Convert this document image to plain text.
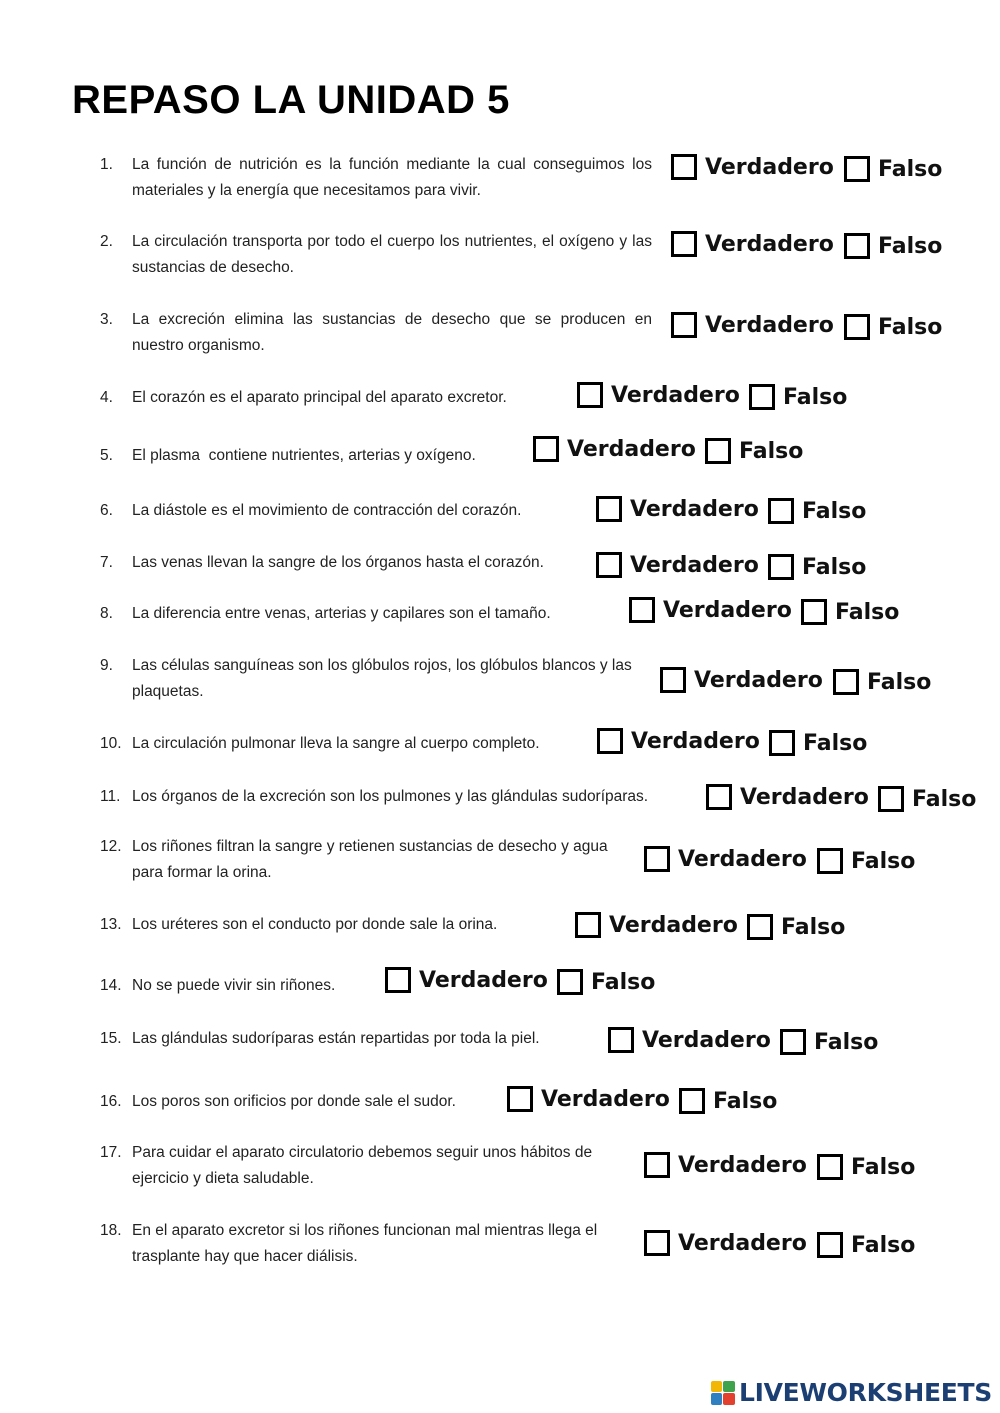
REPASO LA UNIDAD 5
1.	La función de nutrición es la función mediante la cual conseguimos los materiales y la energía que necesitamos para vivir.
Verdadero Falso
2.	La circulación transporta por todo el cuerpo los nutrientes, el oxígeno y las sustancias de desecho.
Verdadero Falso
3.	La excreción elimina las sustancias de desecho que se producen en nuestro organismo.
Verdadero Falso
4.	El corazón es el aparato principal del aparato excretor.	Verdadero Falso
5.	El plasma  contiene nutrientes, arterias y oxígeno.	Verdadero Falso
6.	La diástole es el movimiento de contracción del corazón.	Verdadero Falso
7.	Las venas llevan la sangre de los órganos hasta el corazón.	Verdadero Falso
8.	La diferencia entre venas, arterias y capilares son el tamaño.	Verdadero Falso
9.	Las células sanguíneas son los glóbulos rojos, los glóbulos blancos y las plaquetas.	Verdadero Falso
10. La circulación pulmonar lleva la sangre al cuerpo completo.	Verdadero Falso
11. Los órganos de la excreción son los pulmones y las glándulas sudoríparas.	Verdadero Falso
12. Los riñones filtran la sangre y retienen sustancias de desecho y agua para formar la orina.
Verdadero Falso
13. Los uréteres son el conducto por donde sale la orina.	Verdadero Falso
14. No se puede vivir sin riñones.	Verdadero Falso
15. Las glándulas sudoríparas están repartidas por toda la piel.	Verdadero Falso
16. Los poros son orificios por donde sale el sudor.	Verdadero Falso
17. Para cuidar el aparato circulatorio debemos seguir unos hábitos de ejercicio y dieta saludable.
Verdadero Falso
18. En el aparato excretor si los riñones funcionan mal mientras llega el trasplante hay que hacer diálisis.
Verdadero Falso
LIVEWORKSHEETS
